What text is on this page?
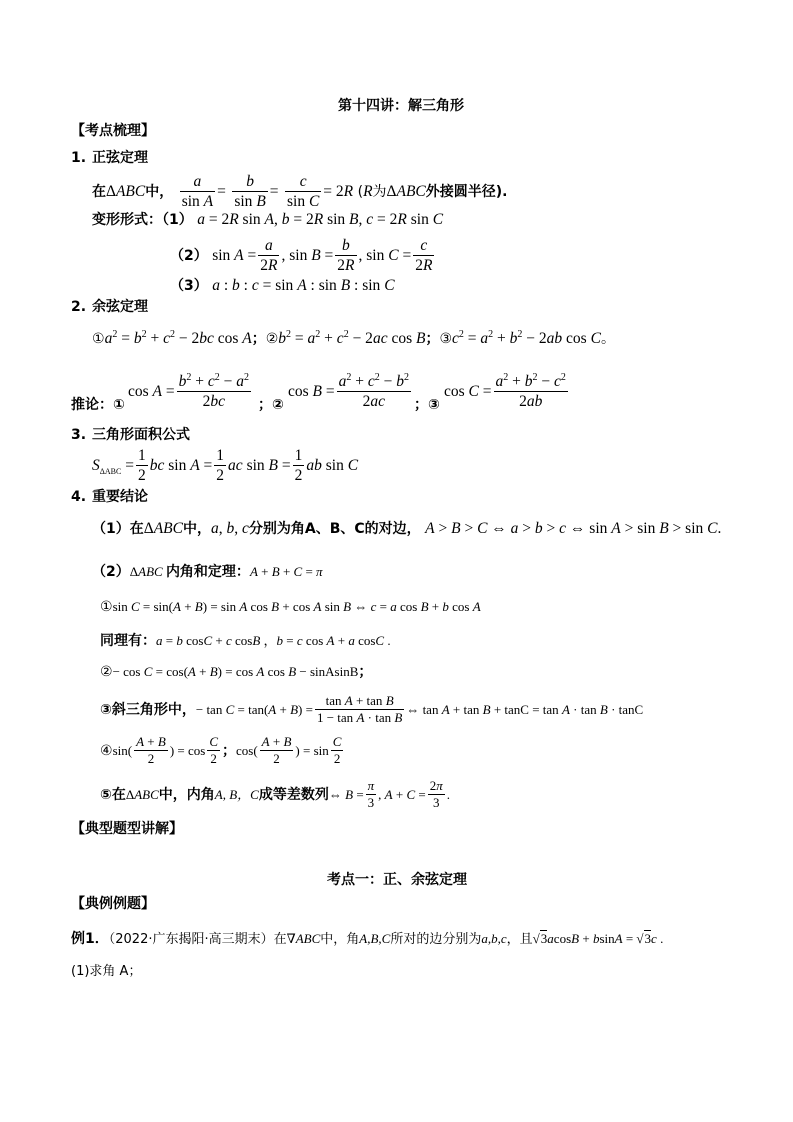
第十四讲：解三角形
【考点梳理】
1. 正弦定理
在ΔABC中， $\frac{a}{\text{sin A}} = \frac{b}{\text{sin B}} = \frac{c}{\text{sin C}} = 2R$ (R为ΔABC外接圆半径).
变形形式：（1） a = 2R sin A, b = 2R sin B, c = 2R sin C
（2） $\sin A = \frac{a}{2R}$ , $\sin B = \frac{b}{2R}$ , $\sin C = \frac{c}{2R}$
（3） a : b : c = sin A : sin B : sin C
2. 余弦定理
$①a^2 = b^2 + c^2 - 2bc$ cos A；$②b^2 = a^2 + c^2 - 2ac$ cos B；$③c^2 = a^2 + b^2 - 2ab$ cos C。
推论：①
$\cos A = \frac{b^2 + c^2 - a^2}{2bc}$ ；②
$\cos B = \frac{a^2 + c^2 - b^2}{2ac}$ ；③
$\cos C = \frac{a^2 + b^2 - c^2}{2ab}$
3. 三角形面积公式
$S_{\Delta ABC} = \frac{1}{2}$ bc $\sin A = \frac{1}{2}$ ac $\sin B = \frac{1}{2}$ ab sin C
4. 重要结论
（1）在ΔABC中，a, b, c分别为角A、B、C的对边， A > B > C ⇔ a > b > c ⇔ sin A > sin B > sin C.
（2）ΔABC 内角和定理：A + B + C = π
①sin C = sin(A + B) = sin A cos B + cos A sin B ⇔ c = a cos B + b cos A
同理有：a = b cosC + c cosB ，b = c cos A + a cosC .
②− cos C = cos(A + B) = cos A cos B − sinAsinB；
③斜三角形中，− $\tan C = \tan(A + B) = \frac{\text{tan A + tan B}}{\text{1 − tan A · tan B}}$ ⇔ tan A + tan B + tanC = tan A · tan B · tanC
④sin( $\frac{A + B}{2}$ ) = $\cos \frac{C}{2}$ ；$\cos( \frac{A + B}{2}$ ) = $\sin \frac{C}{2}$
⑤在ΔABC中，内角A, B，C成等差数列⇔ $B = \frac{\pi}{3}$ , $A + C = \frac{2\pi}{3}$ .
【典型题型讲解】
考点一：正、余弦定理
【典例例题】
例1．（2022·广东揭阳·高三期末）在∇ABC中，角A,B,C所对的边分别为a,b,c，且√3acosB + bsinA = √3c .
(1)求角 A；
